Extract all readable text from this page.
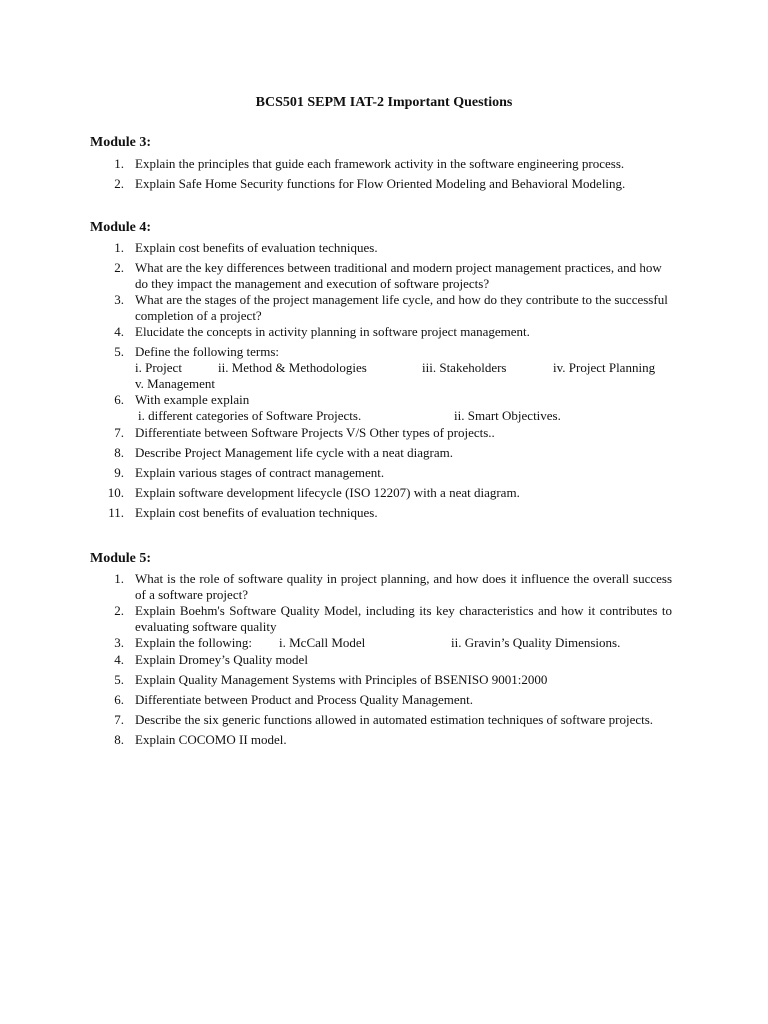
BCS501 SEPM IAT-2 Important Questions
Module 3:
1. Explain the principles that guide each framework activity in the software engineering process.
2. Explain Safe Home Security functions for Flow Oriented Modeling and Behavioral Modeling.
Module 4:
1. Explain cost benefits of evaluation techniques.
2. What are the key differences between traditional and modern project management practices, and how do they impact the management and execution of software projects?
3. What are the stages of the project management life cycle, and how do they contribute to the successful completion of a project?
4. Elucidate the concepts in activity planning in software project management.
5. Define the following terms:
i. Project	ii. Method & Methodologies	iii. Stakeholders	iv. Project Planning
v. Management
6. With example explain
i. different categories of Software Projects.	ii. Smart Objectives.
7. Differentiate between Software Projects V/S Other types of projects..
8. Describe Project Management life cycle with a neat diagram.
9. Explain various stages of contract management.
10. Explain software development lifecycle (ISO 12207) with a neat diagram.
11. Explain cost benefits of evaluation techniques.
Module 5:
1. What is the role of software quality in project planning, and how does it influence the overall success of a software project?
2. Explain Boehm's Software Quality Model, including its key characteristics and how it contributes to evaluating software quality
3. Explain the following: i. McCall Model	ii. Gravin’s Quality Dimensions.
4. Explain Dromey’s Quality model
5. Explain Quality Management Systems with Principles of BSENISO 9001:2000
6. Differentiate between Product and Process Quality Management.
7. Describe the six generic functions allowed in automated estimation techniques of software projects.
8. Explain COCOMO II model.
